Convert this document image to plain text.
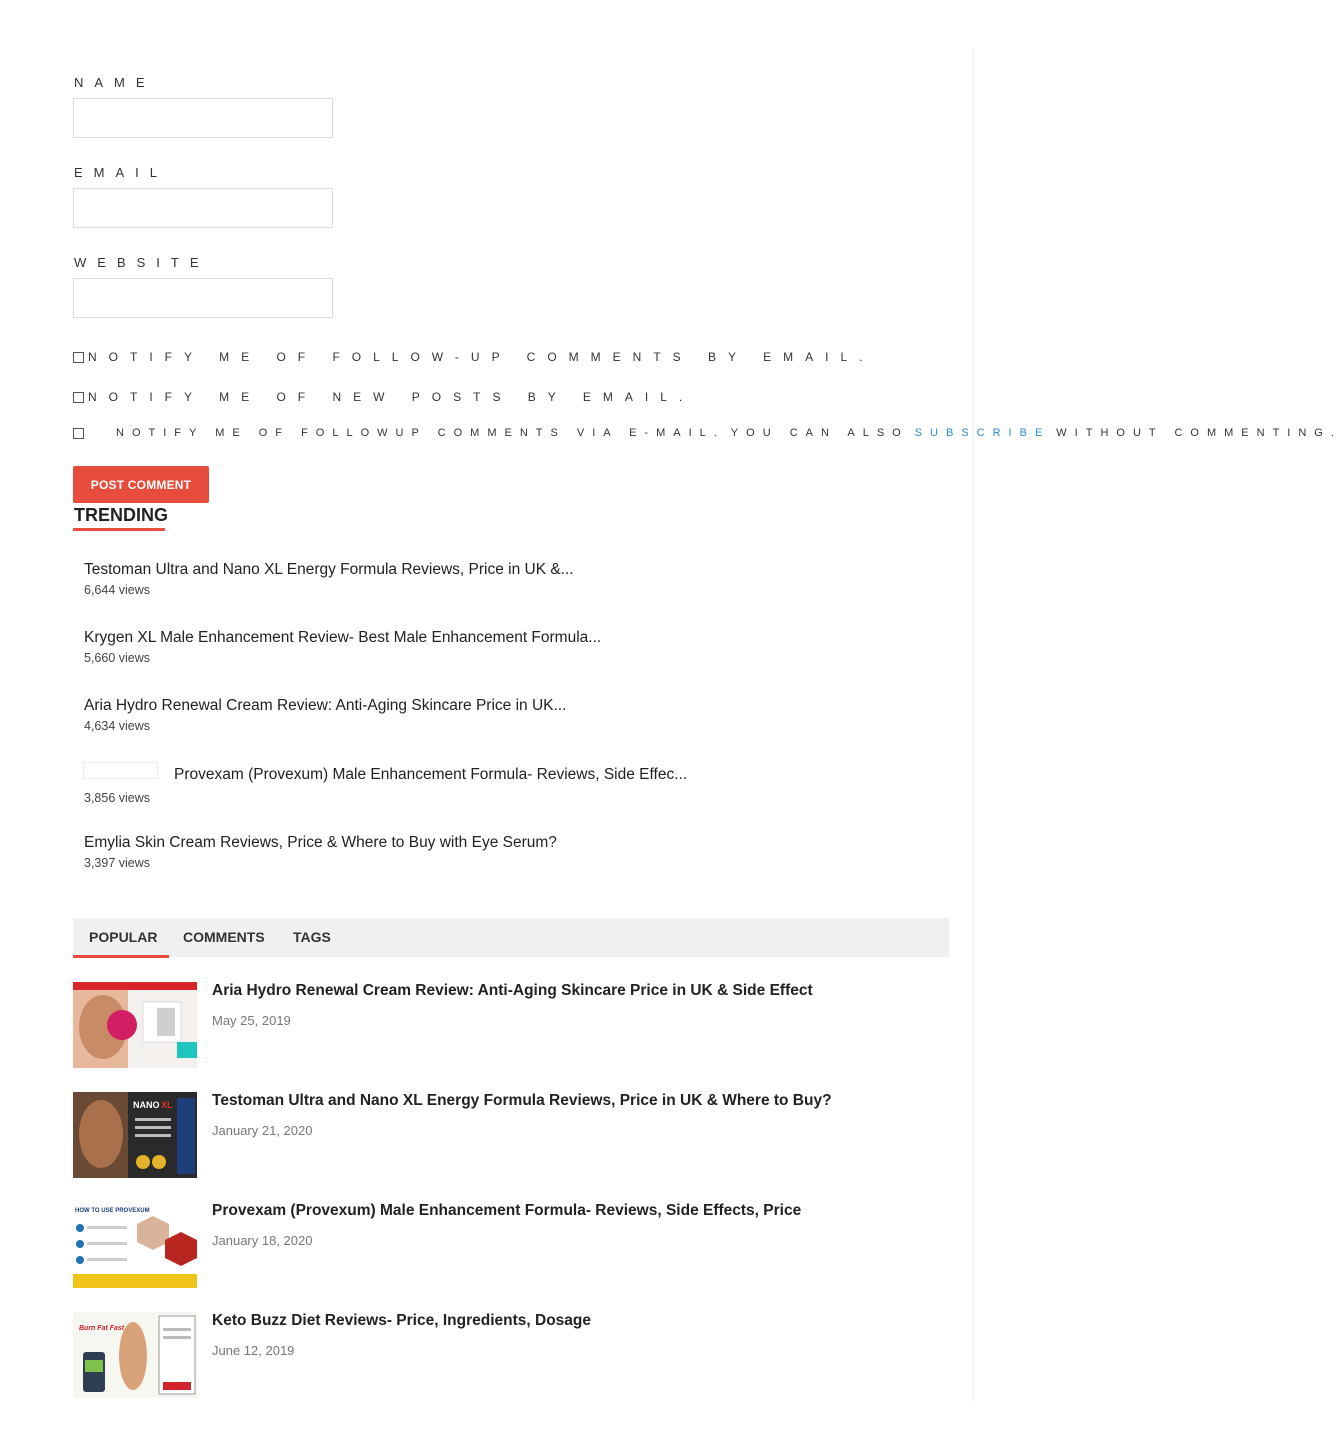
NAME
EMAIL
WEBSITE
NOTIFY ME OF FOLLOW-UP COMMENTS BY EMAIL.
NOTIFY ME OF NEW POSTS BY EMAIL.
NOTIFY ME OF FOLLOWUP COMMENTS VIA E-MAIL. YOU CAN ALSO SUBSCRIBE WITHOUT COMMENTING.
POST COMMENT
TRENDING
Testoman Ultra and Nano XL Energy Formula Reviews, Price in UK &...
6,644 views
Krygen XL Male Enhancement Review- Best Male Enhancement Formula...
5,660 views
Aria Hydro Renewal Cream Review: Anti-Aging Skincare Price in UK...
4,634 views
Provexam (Provexum) Male Enhancement Formula- Reviews, Side Effec...
3,856 views
Emylia Skin Cream Reviews, Price & Where to Buy with Eye Serum?
3,397 views
POPULAR COMMENTS TAGS
Aria Hydro Renewal Cream Review: Anti-Aging Skincare Price in UK & Side Effect
May 25, 2019
NANO XL	Testoman Ultra and Nano XL Energy Formula Reviews, Price in UK & Where to Buy?
January 21, 2020
HOW TO USE PROVEXUM	Provexam (Provexum) Male Enhancement Formula- Reviews, Side Effects, Price
January 18, 2020
Burn Fat Fast	Keto Buzz Diet Reviews- Price, Ingredients, Dosage
June 12, 2019
